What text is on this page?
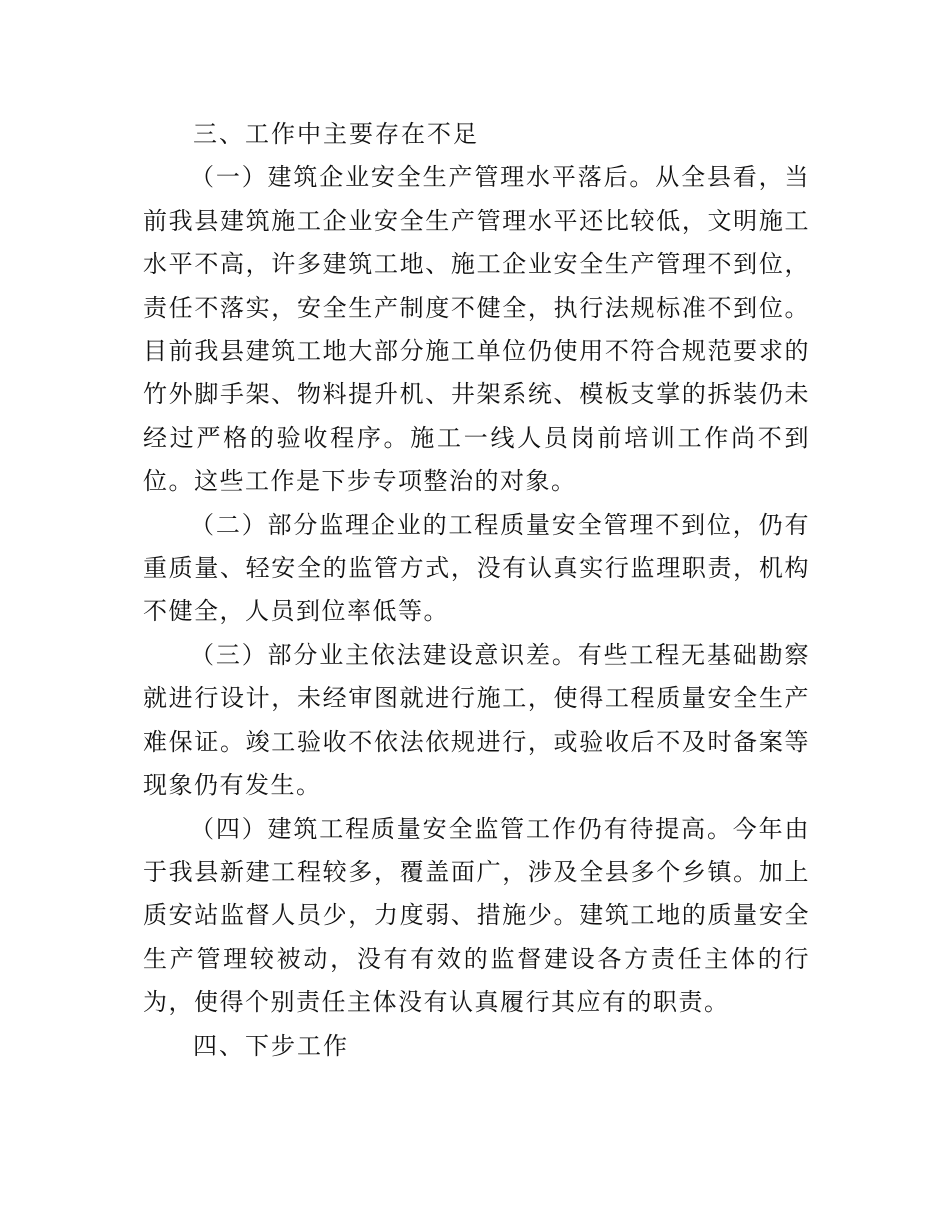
三、工作中主要存在不足

（一）建筑企业安全生产管理水平落后。从全县看，当前我县建筑施工企业安全生产管理水平还比较低，文明施工水平不高，许多建筑工地、施工企业安全生产管理不到位，责任不落实，安全生产制度不健全，执行法规标准不到位。目前我县建筑工地大部分施工单位仍使用不符合规范要求的竹外脚手架、物料提升机、井架系统、模板支掌的拆装仍未经过严格的验收程序。施工一线人员岗前培训工作尚不到位。这些工作是下步专项整治的对象。

（二）部分监理企业的工程质量安全管理不到位，仍有重质量、轻安全的监管方式，没有认真实行监理职责，机构不健全，人员到位率低等。

（三）部分业主依法建设意识差。有些工程无基础勘察就进行设计，未经审图就进行施工，使得工程质量安全生产难保证。竣工验收不依法依规进行，或验收后不及时备案等现象仍有发生。

（四）建筑工程质量安全监管工作仍有待提高。今年由于我县新建工程较多，覆盖面广，涉及全县多个乡镇。加上质安站监督人员少，力度弱、措施少。建筑工地的质量安全生产管理较被动，没有有效的监督建设各方责任主体的行为，使得个别责任主体没有认真履行其应有的职责。

四、下步工作
